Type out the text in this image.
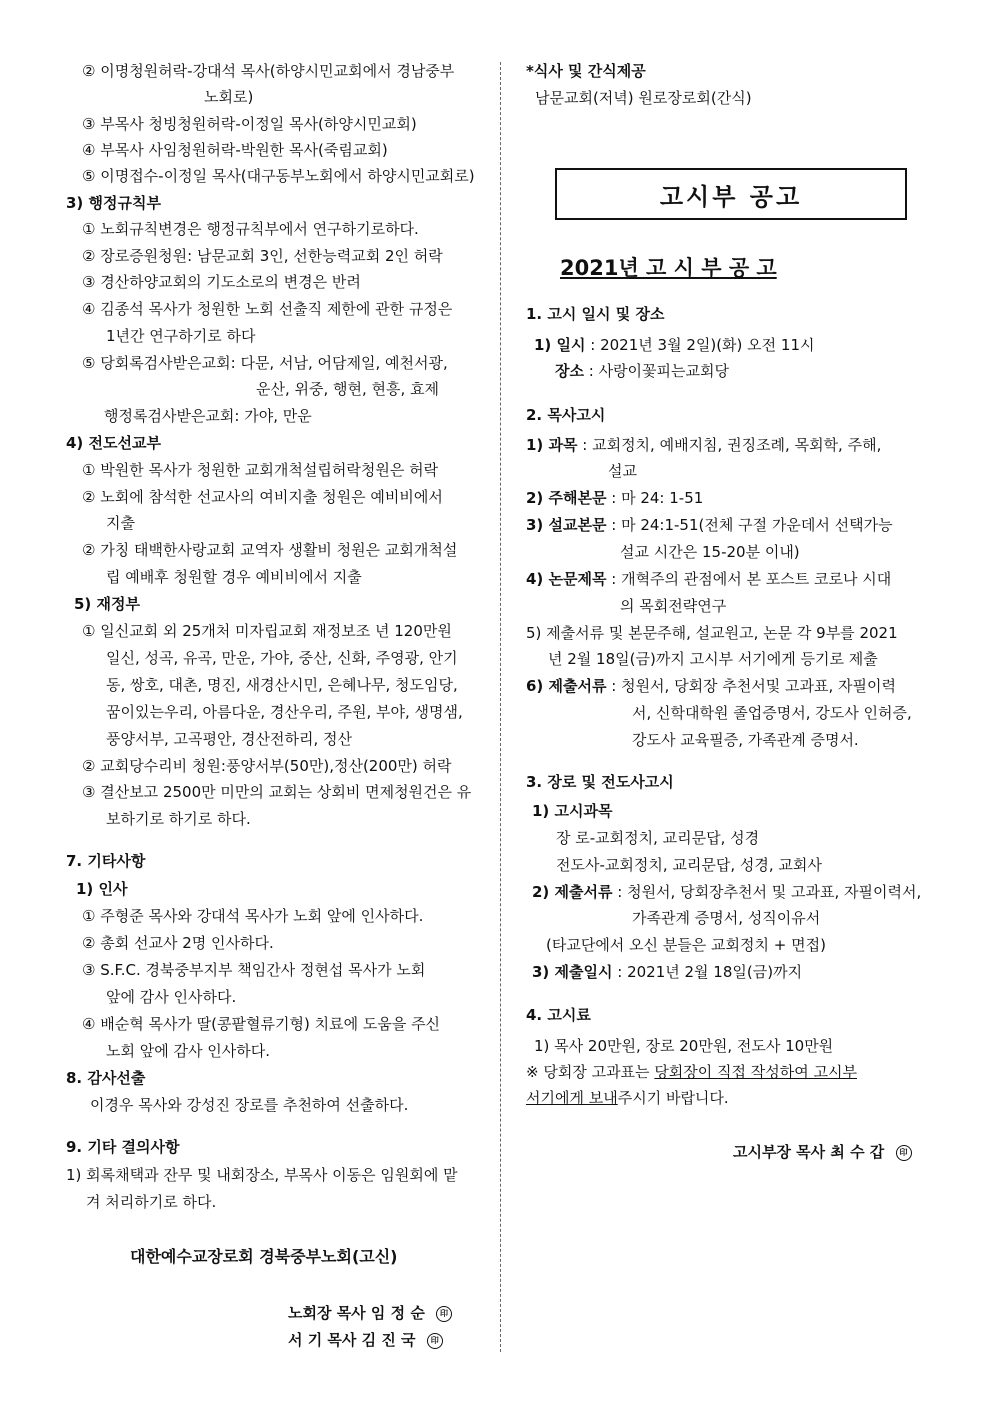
② 이명청원허락-강대석 목사(하양시민교회에서 경남중부
노회로)
③ 부목사 청빙청원허락-이정일 목사(하양시민교회)
④ 부목사 사임청원허락-박원한 목사(죽림교회)
⑤ 이명접수-이정일 목사(대구동부노회에서 하양시민교회로)
3) 행정규칙부
① 노회규칙변경은 행정규칙부에서 연구하기로하다.
② 장로증원청원: 남문교회 3인, 선한능력교회 2인 허락
③ 경산하양교회의 기도소로의 변경은 반려
④ 김종석 목사가 청원한 노회 선출직 제한에 관한 규정은
1년간 연구하기로 하다
⑤ 당회록검사받은교회: 다문, 서남, 어담제일, 예천서광,
운산, 위중, 행현, 현흥, 효제
행정록검사받은교회: 가야, 만운
4) 전도선교부
① 박원한 목사가 청원한 교회개척설립허락청원은 허락
② 노회에 참석한 선교사의 여비지출 청원은 예비비에서
지출
② 가칭 태백한사랑교회 교역자 생활비 청원은 교회개척설
립 예배후 청원할 경우 예비비에서 지출
5) 재정부
① 일신교회 외 25개처 미자립교회 재정보조 년 120만원
일신, 성곡, 유곡, 만운, 가야, 중산, 신화, 주영광, 안기
동, 쌍호, 대촌, 명진, 새경산시민, 은혜나무, 청도임당,
꿈이있는우리, 아름다운, 경산우리, 주원, 부야, 생명샘,
풍양서부, 고곡평안, 경산전하리, 정산
② 교회당수리비 청원:풍양서부(50만),정산(200만) 허락
③ 결산보고 2500만 미만의 교회는 상회비 면제청원건은 유
보하기로 하기로 하다.
7. 기타사항
1) 인사
① 주형준 목사와 강대석 목사가 노회 앞에 인사하다.
② 총회 선교사 2명 인사하다.
③ S.F.C. 경북중부지부 책임간사 정현섭 목사가 노회
앞에 감사 인사하다.
④ 배순혁 목사가 딸(콩팥혈류기형) 치료에 도움을 주신
노회 앞에 감사 인사하다.
8. 감사선출
이경우 목사와 강성진 장로를 추천하여 선출하다.
9. 기타 결의사항
1) 회록채택과 잔무 및 내회장소, 부목사 이동은 임원회에 맡
겨 처리하기로 하다.
대한예수교장로회 경북중부노회(고신)
노회장 목사 임 정 순 印
서 기 목사 김 진 국 印
*식사 및 간식제공
남문교회(저녁) 원로장로회(간식)
고시부 공고
2021년 고 시 부 공 고
1. 고시 일시 및 장소
1) 일시 : 2021년 3월 2일)(화) 오전 11시
장소 : 사랑이꽃피는교회당
2. 목사고시
1) 과목 : 교회정치, 예배지침, 권징조례, 목회학, 주해,
설교
2) 주해본문 : 마 24: 1-51
3) 설교본문 : 마 24:1-51(전체 구절 가운데서 선택가능
설교 시간은 15-20분 이내)
4) 논문제목 : 개혁주의 관점에서 본 포스트 코로나 시대
의 목회전략연구
5) 제출서류 및 본문주해, 설교원고, 논문 각 9부를 2021
년 2월 18일(금)까지 고시부 서기에게 등기로 제출
6) 제출서류 : 청원서, 당회장 추천서및 고과표, 자필이력
서, 신학대학원 졸업증명서, 강도사 인허증,
강도사 교육필증, 가족관계 증명서.
3. 장로 및 전도사고시
1) 고시과목
장 로-교회정치, 교리문답, 성경
전도사-교회정치, 교리문답, 성경, 교회사
2) 제출서류 : 청원서, 당회장추천서 및 고과표, 자필이력서,
가족관계 증명서, 성직이유서
(타교단에서 오신 분들은 교회정치 + 면접)
3) 제출일시 : 2021년 2월 18일(금)까지
4. 고시료
1) 목사 20만원, 장로 20만원, 전도사 10만원
※ 당회장 고과표는 당회장이 직접 작성하여 고시부
서기에게 보내주시기 바랍니다.
고시부장 목사 최 수 갑 印
